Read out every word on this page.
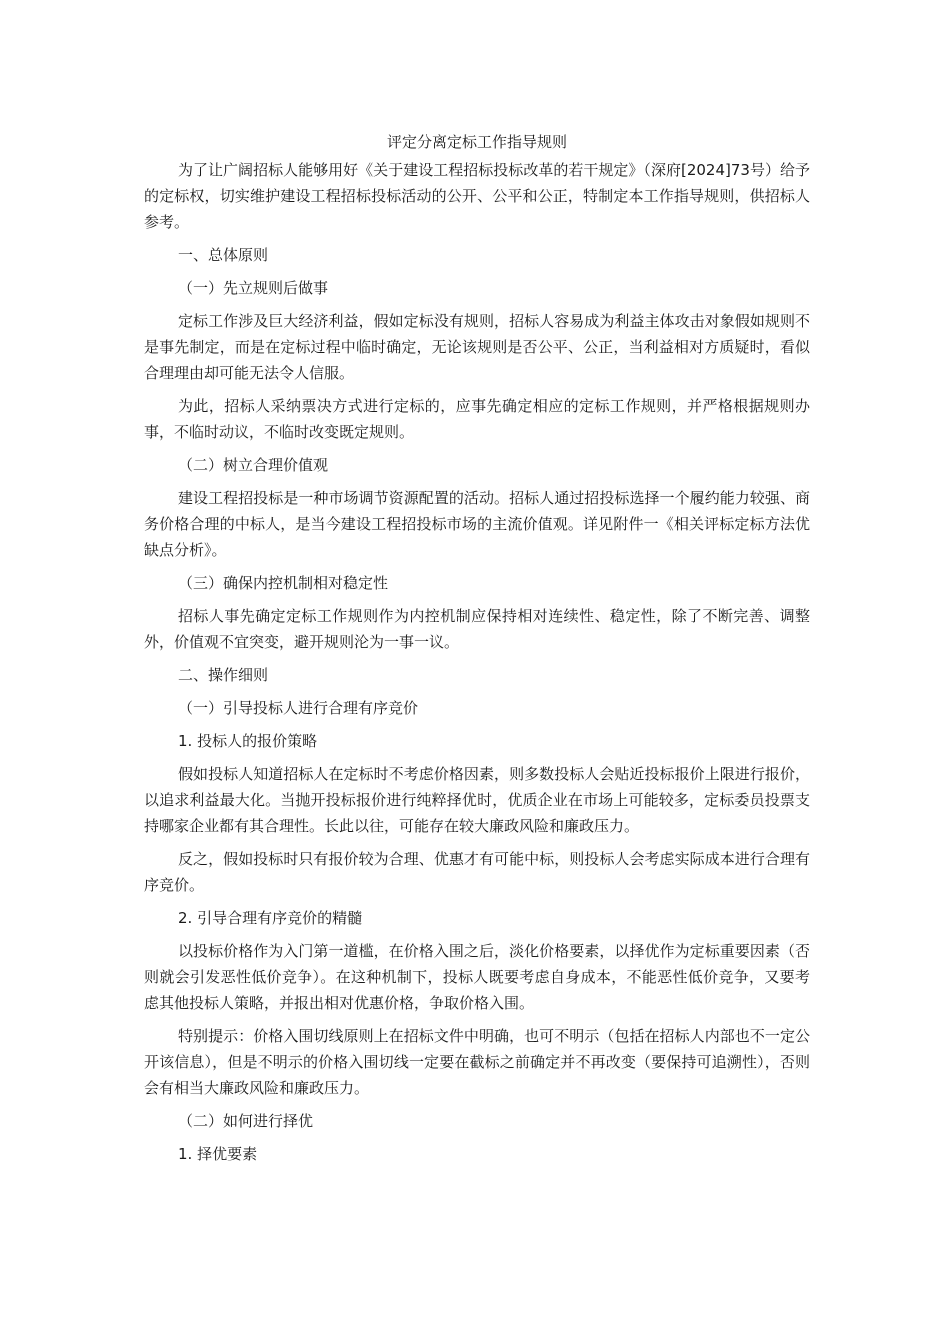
评定分离定标工作指导规则

为了让广阔招标人能够用好《关于建设工程招标投标改革的若干规定》（深府[2024]73号）给予的定标权，切实维护建设工程招标投标活动的公开、公平和公正，特制定本工作指导规则，供招标人参考。

一、总体原则

（一）先立规则后做事

定标工作涉及巨大经济利益，假如定标没有规则，招标人容易成为利益主体攻击对象假如规则不是事先制定，而是在定标过程中临时确定，无论该规则是否公平、公正，当利益相对方质疑时，看似合理理由却可能无法令人信服。

为此，招标人采纳票决方式进行定标的，应事先确定相应的定标工作规则，并严格根据规则办事，不临时动议，不临时改变既定规则。

（二）树立合理价值观

建设工程招投标是一种市场调节资源配置的活动。招标人通过招投标选择一个履约能力较强、商务价格合理的中标人，是当今建设工程招投标市场的主流价值观。详见附件一《相关评标定标方法优缺点分析》。

（三）确保内控机制相对稳定性

招标人事先确定定标工作规则作为内控机制应保持相对连续性、稳定性，除了不断完善、调整外，价值观不宜突变，避开规则沦为一事一议。

二、操作细则

（一）引导投标人进行合理有序竞价

1. 投标人的报价策略

假如投标人知道招标人在定标时不考虑价格因素，则多数投标人会贴近投标报价上限进行报价，以追求利益最大化。当抛开投标报价进行纯粹择优时，优质企业在市场上可能较多，定标委员投票支持哪家企业都有其合理性。长此以往，可能存在较大廉政风险和廉政压力。

反之，假如投标时只有报价较为合理、优惠才有可能中标，则投标人会考虑实际成本进行合理有序竞价。

2. 引导合理有序竞价的精髓

以投标价格作为入门第一道槛，在价格入围之后，淡化价格要素，以择优作为定标重要因素（否则就会引发恶性低价竞争）。在这种机制下，投标人既要考虑自身成本，不能恶性低价竞争，又要考虑其他投标人策略，并报出相对优惠价格，争取价格入围。

特别提示：价格入围切线原则上在招标文件中明确，也可不明示（包括在招标人内部也不一定公开该信息），但是不明示的价格入围切线一定要在截标之前确定并不再改变（要保持可追溯性），否则会有相当大廉政风险和廉政压力。

（二）如何进行择优

1. 择优要素
